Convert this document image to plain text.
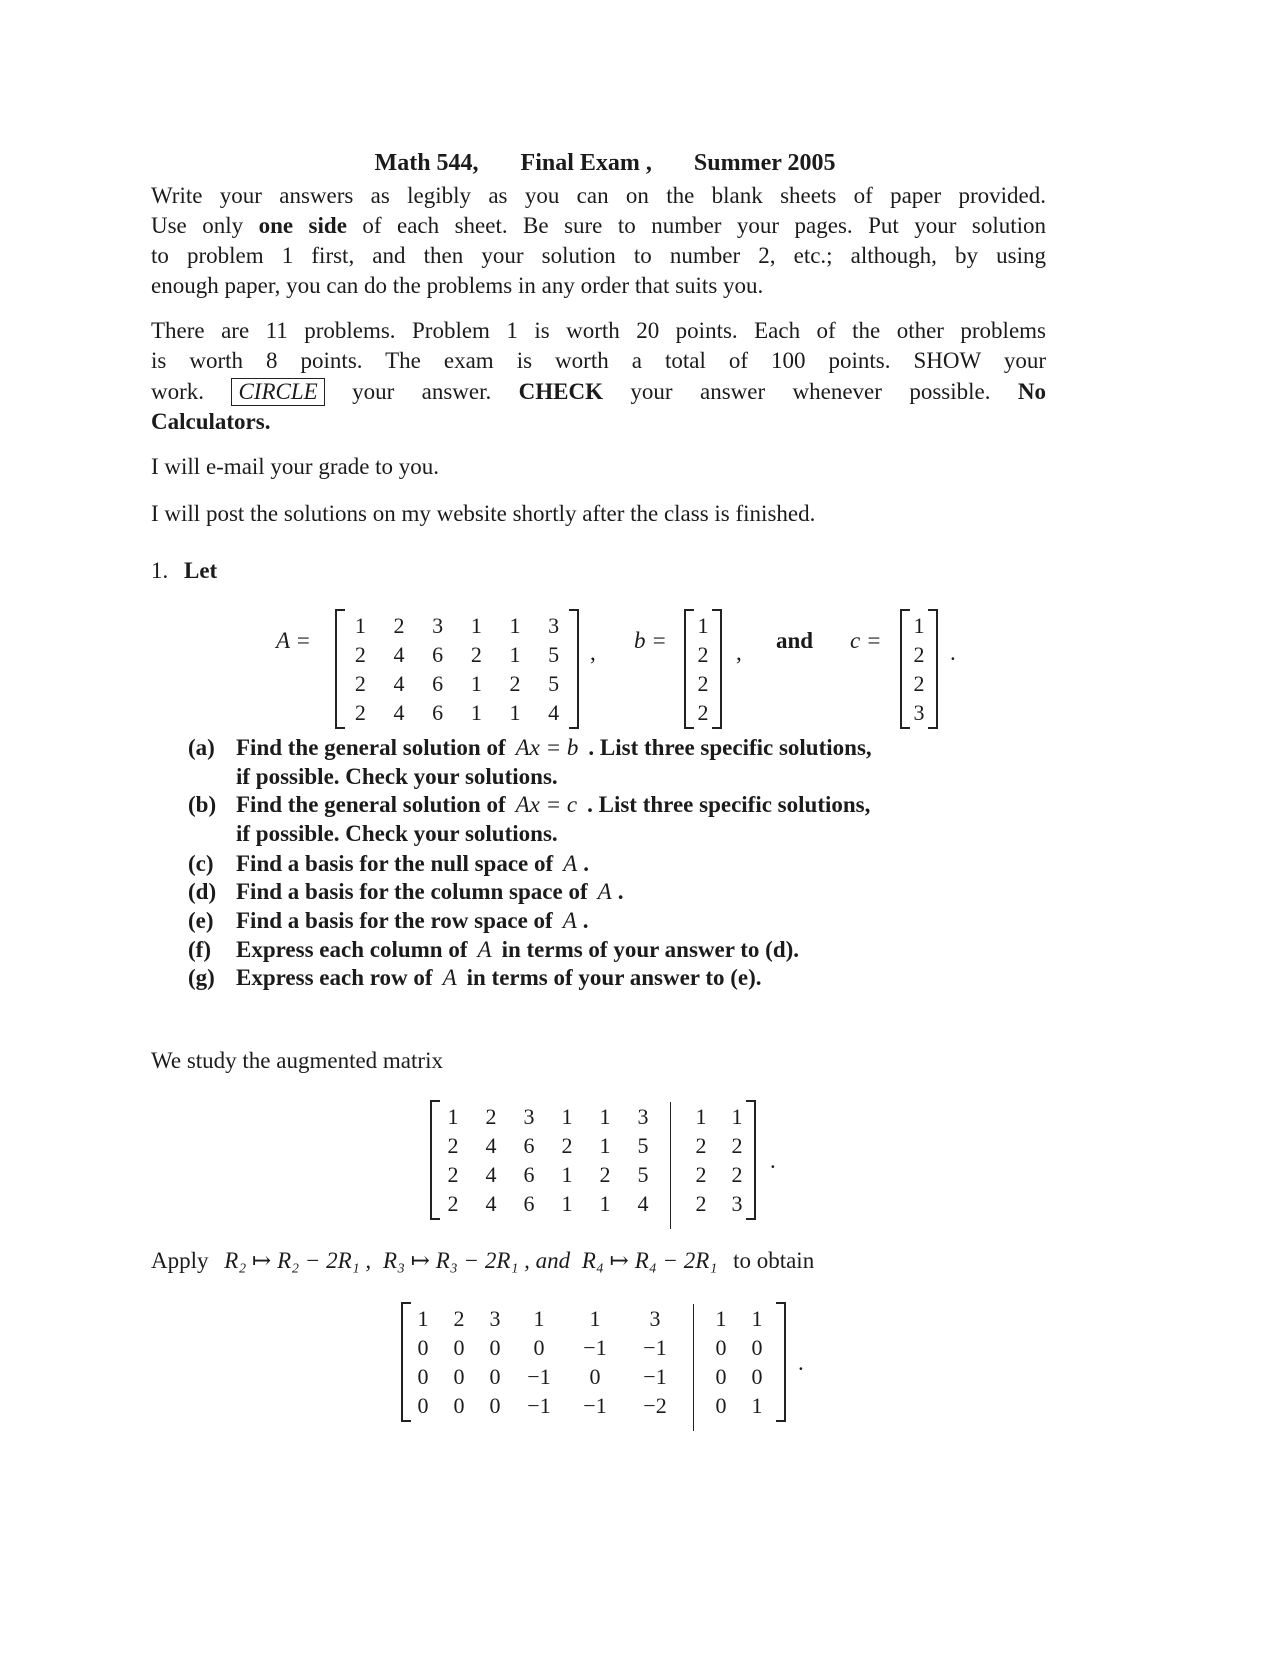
Math 544, Final Exam , Summer 2005
Write your answers as legibly as you can on the blank sheets of paper provided.
Use only one side of each sheet. Be sure to number your pages. Put your solution
to problem 1 first, and then your solution to number 2, etc.; although, by using
enough paper, you can do the problems in any order that suits you.
There are 11 problems. Problem 1 is worth 20 points. Each of the other problems
is worth 8 points. The exam is worth a total of 100 points. SHOW your
work. CIRCLE your answer. CHECK your answer whenever possible. No
Calculators.
I will e-mail your grade to you.
I will post the solutions on my website shortly after the class is finished.
1. Let
A =
1	2	3	1	1	3
2	4	6	2	1	5
2	4	6	1	2	5
2	4	6	1	1	4
, b =
1
2
2
2
, and c =
1
2
2
3
.
(a) Find the general solution of Ax = b . List three specific solutions,
if possible. Check your solutions.
(b) Find the general solution of Ax = c . List three specific solutions,
if possible. Check your solutions.
(c) Find a basis for the null space of A .
(d) Find a basis for the column space of A .
(e) Find a basis for the row space of A .
(f) Express each column of A in terms of your answer to (d).
(g) Express each row of A in terms of your answer to (e).
We study the augmented matrix
1	2	3	1	1	3	1	1
2	4	6	2	1	5	2	2
2	4	6	1	2	5	2	2
2	4	6	1	1	4	2	3
.
Apply R₂ ↦ R₂ − 2R₁ , R₃ ↦ R₃ − 2R₁ , and R₄ ↦ R₄ − 2R₁ to obtain
1	2	3	1	1	3	1	1
0	0	0	0	−1	−1	0	0
0	0	0	−1	0	−1	0	0
0	0	0	−1	−1	−2	0	1
.
